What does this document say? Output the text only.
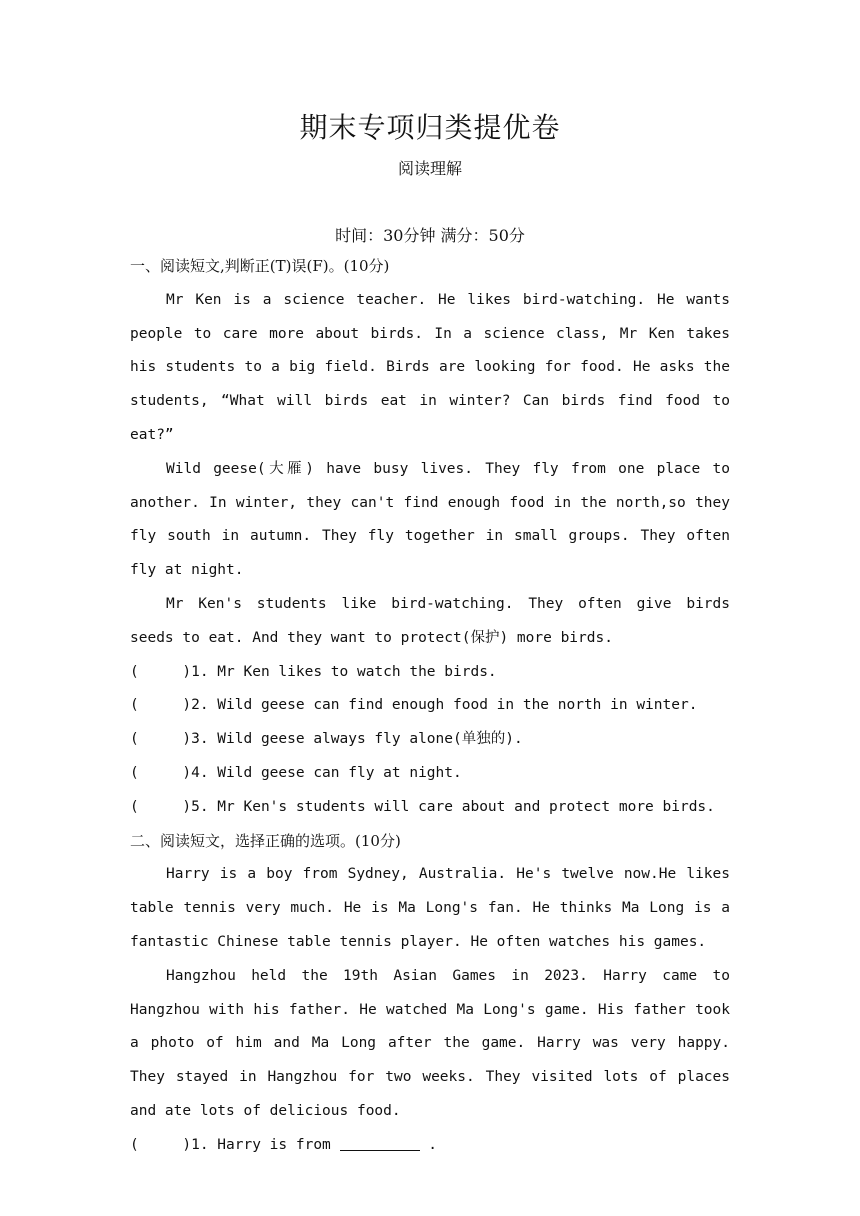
期末专项归类提优卷
阅读理解
时间：30分钟 满分：50分
一、阅读短文,判断正(T)误(F)。(10分)

Mr Ken is a science teacher. He likes bird-watching. He wants people to care more about birds. In a science class, Mr Ken takes his students to a big field. Birds are looking for food. He asks the students, “What will birds eat in winter? Can birds find food to eat?”

Wild geese(大雁) have busy lives. They fly from one place to another. In winter, they can't find enough food in the north,so they fly south in autumn. They fly together in small groups. They often fly at night.

Mr Ken's students like bird-watching. They often give birds seeds to eat. And they want to protect(保护) more birds.

(     )1. Mr Ken likes to watch the birds.

(     )2. Wild geese can find enough food in the north in winter.

(     )3. Wild geese always fly alone(单独的).

(     )4. Wild geese can fly at night.

(     )5. Mr Ken's students will care about and protect more birds.

二、阅读短文，选择正确的选项。(10分)

Harry is a boy from Sydney, Australia. He's twelve now.He likes table tennis very much. He is Ma Long's fan. He thinks Ma Long is a fantastic Chinese table tennis player. He often watches his games.

Hangzhou held the 19th Asian Games in 2023. Harry came to Hangzhou with his father. He watched Ma Long's game. His father took a photo of him and Ma Long after the game. Harry was very happy. They stayed in Hangzhou for two weeks. They visited lots of places and ate lots of delicious food.

(     )1. Harry is from	.
